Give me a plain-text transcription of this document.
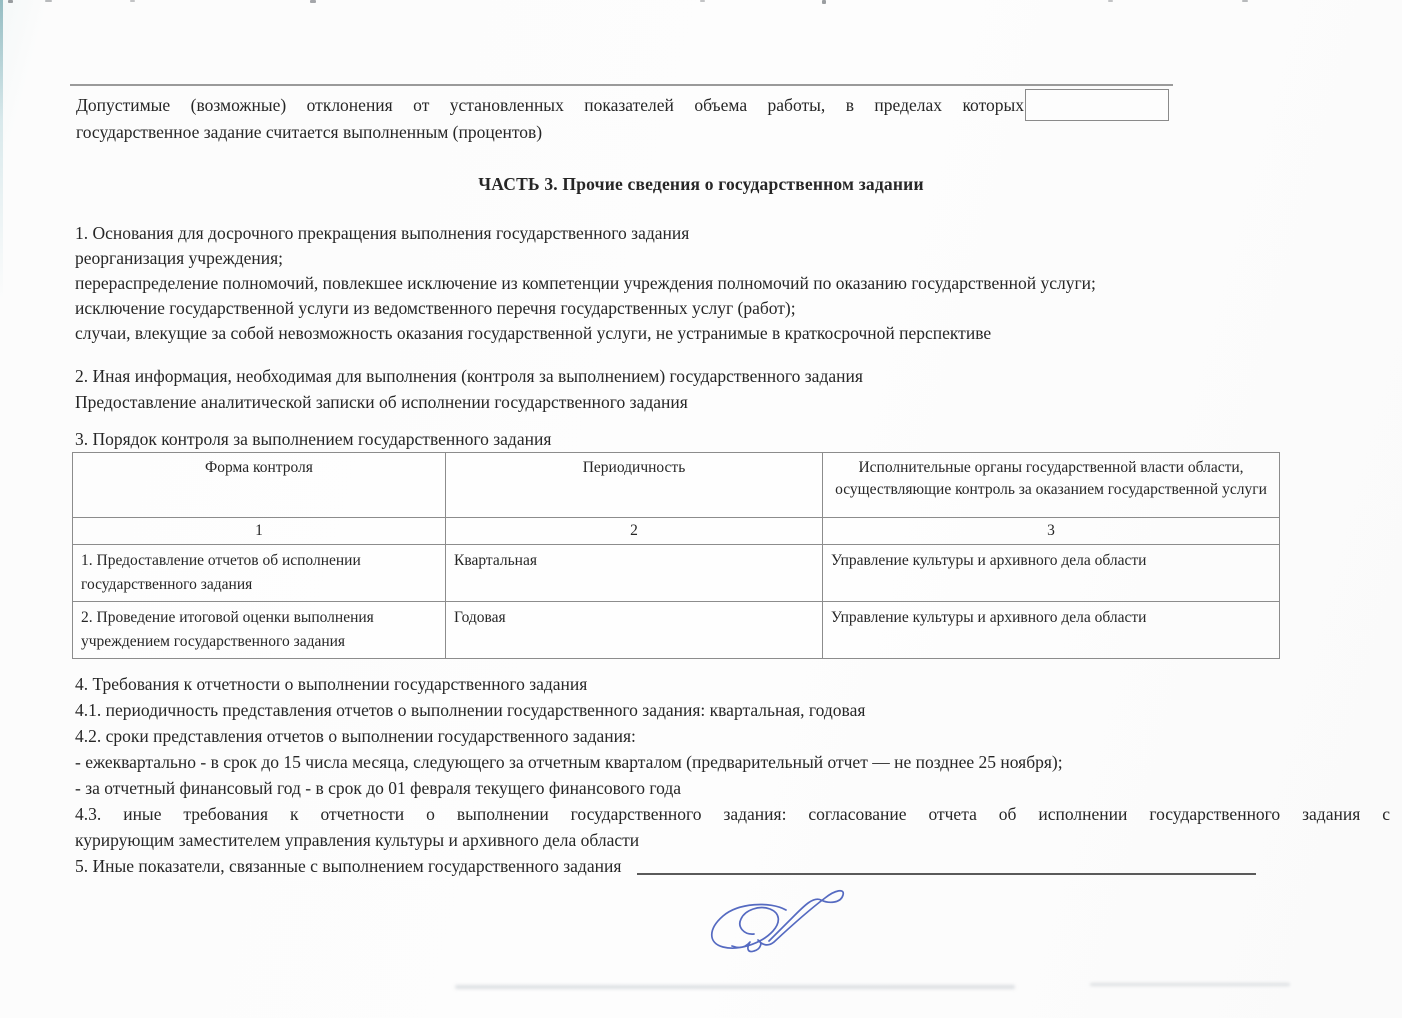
Допустимые (возможные) отклонения от установленных показателей объема работы, в пределах которых
государственное задание считается выполненным (процентов)
ЧАСТЬ 3. Прочие сведения о государственном задании
1. Основания для досрочного прекращения выполнения государственного задания
реорганизация учреждения;
перераспределение полномочий, повлекшее исключение из компетенции учреждения полномочий по оказанию государственной услуги;
исключение государственной услуги из ведомственного перечня государственных услуг (работ);
случаи, влекущие за собой невозможность оказания государственной услуги, не устранимые в краткосрочной перспективе
2. Иная информация, необходимая для выполнения (контроля за выполнением) государственного задания
Предоставление аналитической записки об исполнении государственного задания
3. Порядок контроля за выполнением государственного задания
Форма контроля	Периодичность	Исполнительные органы государственной власти области, осуществляющие контроль за оказанием государственной услуги
1	2	3
1. Предоставление отчетов об исполнении государственного задания	Квартальная	Управление культуры и архивного дела области
2. Проведение итоговой оценки выполнения учреждением государственного задания	Годовая	Управление культуры и архивного дела области
4. Требования к отчетности о выполнении государственного задания
4.1. периодичность представления отчетов о выполнении государственного задания: квартальная, годовая
4.2. сроки представления отчетов о выполнении государственного задания:
- ежеквартально - в срок до 15 числа месяца, следующего за отчетным кварталом (предварительный отчет — не позднее 25 ноября);
- за отчетный финансовый год - в срок до 01 февраля текущего финансового года
4.3. иные требования к отчетности о выполнении государственного задания: согласование отчета об исполнении государственного задания с
курирующим заместителем управления культуры и архивного дела области
5. Иные показатели, связанные с выполнением государственного задания
